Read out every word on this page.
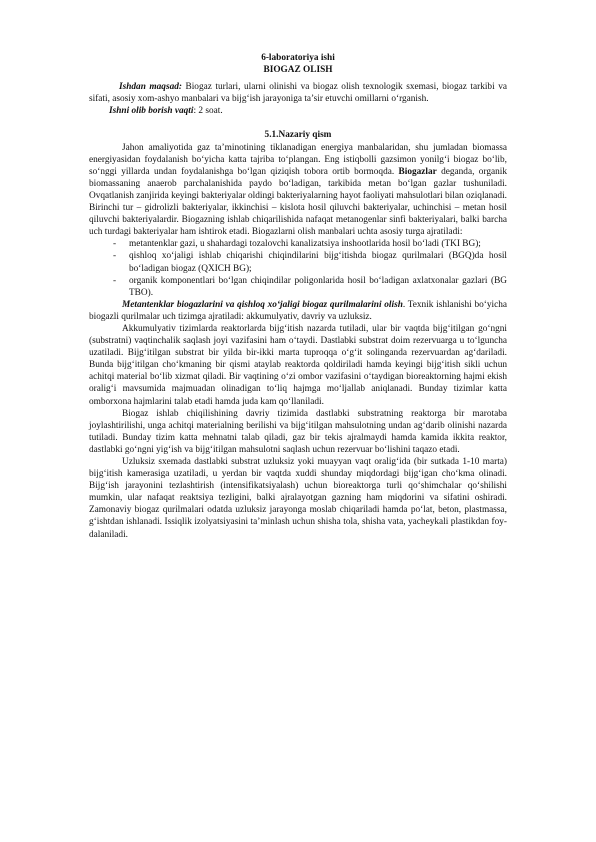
6-laboratoriya ishi

BIOGAZ OLISH

Ishdan maqsad: Biogaz turlari, ularni olinishi va biogaz olish texnologik sxemasi, biogaz tarkibi va sifati, asosiy xom-ashyo manbalari va bijg‘ish jarayoniga ta’sir etuvchi omillarni o‘rganish.

Ishni olib borish vaqti: 2 soat.

5.1.Nazariy qism

Jahon amaliyotida gaz ta’minotining tiklanadigan energiya manbalaridan, shu jumladan biomassa energiyasidan foydalanish bo‘yicha katta tajriba to‘plangan. Eng istiqbolli gazsimon yonilg‘i biogaz bo‘lib, so‘nggi yillarda undan foydalanishga bo‘lgan qiziqish tobora ortib bormoqda. Biogazlar deganda, organik biomassaning anaerob parchalanishida paydo bo‘ladigan, tarkibida metan bo‘lgan gazlar tushuniladi. Ovqatlanish zanjirida keyingi bakteriyalar oldingi bakteriyalarning hayot faoliyati mahsulotlari bilan oziqlanadi. Birinchi tur – gidrolizli bakteriyalar, ikkinchisi – kislota hosil qiluvchi bakteriyalar, uchinchisi – metan hosil qiluvchi bakteriyalardir. Biogazning ishlab chiqarilishida nafaqat metanogenlar sinfi bakteriyalari, balki barcha uch turdagi bakteriyalar ham ishtirok etadi. Biogazlarni olish manbalari uchta asosiy turga ajratiladi:

- metantenklar gazi, u shahardagi tozalovchi kanalizatsiya inshootlarida hosil bo‘ladi (TKI BG);
- qishloq xo‘jaligi ishlab chiqarishi chiqindilarini bijg‘itishda biogaz qurilmalari (BGQ)da hosil bo‘ladigan biogaz (QXICH BG);
- organik komponentlari bo‘lgan chiqindilar poligonlarida hosil bo‘ladigan axlatxonalar gazlari (BG TBO).

Metantenklar biogazlarini va qishloq xo‘jaligi biogaz qurilmalarini olish. Texnik ishlanishi bo‘yicha biogazli qurilmalar uch tizimga ajratiladi: akkumulyativ, davriy va uzluksiz.

Akkumulyativ tizimlarda reaktorlarda bijg‘itish nazarda tutiladi, ular bir vaqtda bijg‘itilgan go‘ngni (substratni) vaqtinchalik saqlash joyi vazifasini ham o‘taydi. Dastlabki substrat doim rezervuarga u to‘lguncha uzatiladi. Bijg‘itilgan substrat bir yilda bir-ikki marta tuproqqa o‘g‘it solinganda rezervuardan ag‘dariladi. Bunda bijg‘itilgan cho‘kmaning bir qismi ataylab reaktorda qoldiriladi hamda keyingi bijg‘itish sikli uchun achitqi material bo‘lib xizmat qiladi. Bir vaqtining o‘zi ombor vazifasini o‘taydigan bioreaktorning hajmi ekish oralig‘i mavsumida majmuadan olinadigan to‘liq hajmga mo‘ljallab aniqlanadi. Bunday tizimlar katta omborxona hajmlarini talab etadi hamda juda kam qo‘llaniladi.

Biogaz ishlab chiqilishining davriy tizimida dastlabki substratning reaktorga bir marotaba joylashtirilishi, unga achitqi materialning berilishi va bijg‘itilgan mahsulotning undan ag‘darib olinishi nazarda tutiladi. Bunday tizim katta mehnatni talab qiladi, gaz bir tekis ajralmaydi hamda kamida ikkita reaktor, dastlabki go‘ngni yig‘ish va bijg‘itilgan mahsulotni saqlash uchun rezervuar bo‘lishini taqazo etadi.

Uzluksiz sxemada dastlabki substrat uzluksiz yoki muayyan vaqt oralig‘ida (bir sutkada 1-10 marta) bijg‘itish kamerasiga uzatiladi, u yerdan bir vaqtda xuddi shunday miqdordagi bijg‘igan cho‘kma olinadi. Bijg‘ish jarayonini tezlashtirish (intensifikatsiyalash) uchun bioreaktorga turli qo‘shimchalar qo‘shilishi mumkin, ular nafaqat reaktsiya tezligini, balki ajralayotgan gazning ham miqdorini va sifatini oshiradi. Zamonaviy biogaz qurilmalari odatda uzluksiz jarayonga moslab chiqariladi hamda po‘lat, beton, plastmassa, g‘ishtdan ishlanadi. Issiqlik izolyatsiyasini ta’minlash uchun shisha tola, shisha vata, yacheykali plastikdan foy-dalaniladi.
